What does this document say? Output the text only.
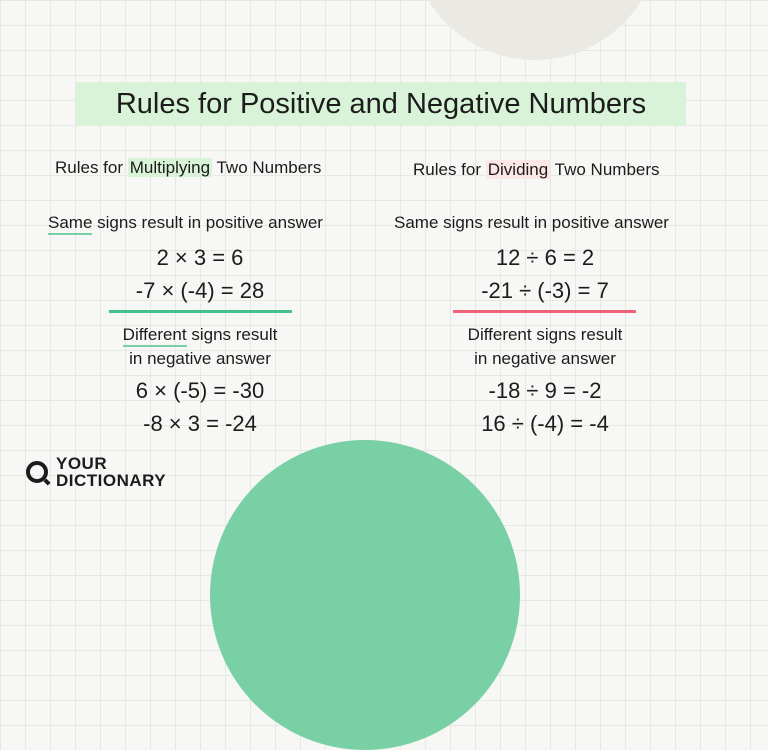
Rules for Positive and Negative Numbers
Rules for Multiplying Two Numbers
Same signs result in positive answer
2 × 3 = 6
-7 × (-4) = 28
Different signs result
in negative answer
6 × (-5) = -30
-8 × 3 = -24
Rules for Dividing Two Numbers
Same signs result in positive answer
12 ÷ 6 = 2
-21 ÷ (-3) = 7
Different signs result
in negative answer
-18 ÷ 9 = -2
16 ÷ (-4) = -4
YOUR
DICTIONARY
